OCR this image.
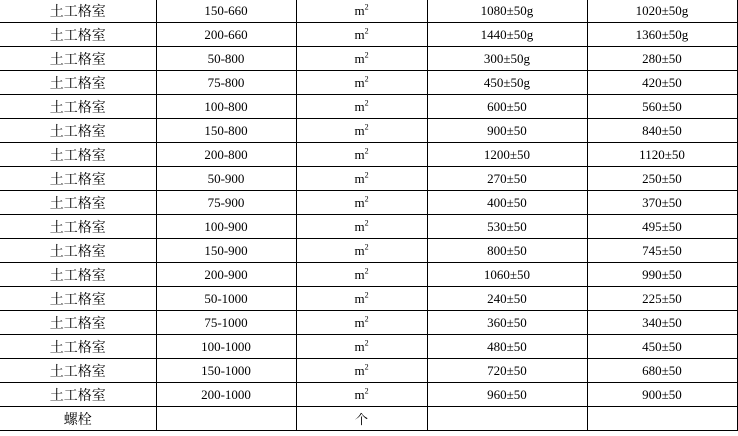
土工格室	150-660	$m^2$	1080±50g	1020±50g
土工格室	200-660	$m^2$	1440±50g	1360±50g
土工格室	50-800	$m^2$	300±50g	280±50
土工格室	75-800	$m^2$	450±50g	420±50
土工格室	100-800	$m^2$	600±50	560±50
土工格室	150-800	$m^2$	900±50	840±50
土工格室	200-800	$m^2$	1200±50	1120±50
土工格室	50-900	$m^2$	270±50	250±50
土工格室	75-900	$m^2$	400±50	370±50
土工格室	100-900	$m^2$	530±50	495±50
土工格室	150-900	$m^2$	800±50	745±50
土工格室	200-900	$m^2$	1060±50	990±50
土工格室	50-1000	$m^2$	240±50	225±50
土工格室	75-1000	$m^2$	360±50	340±50
土工格室	100-1000	$m^2$	480±50	450±50
土工格室	150-1000	$m^2$	720±50	680±50
土工格室	200-1000	$m^2$	960±50	900±50
螺栓		个		
